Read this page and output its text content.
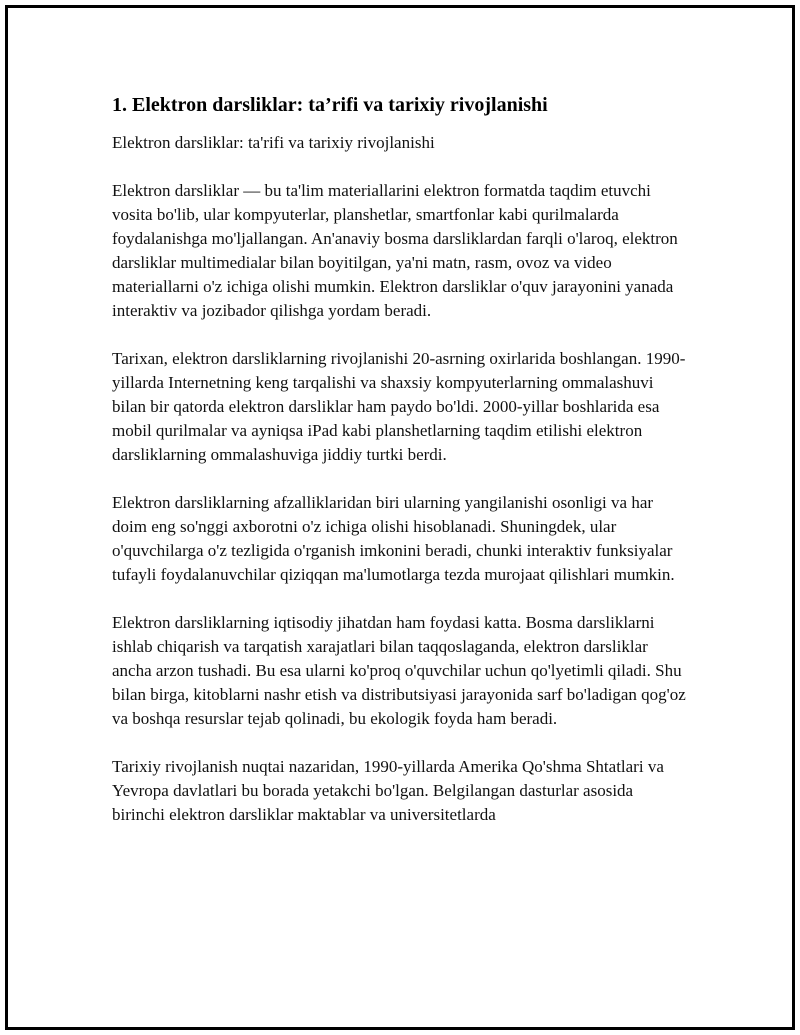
1. Elektron darsliklar: ta’rifi va tarixiy rivojlanishi
Elektron darsliklar: ta'rifi va tarixiy rivojlanishi

Elektron darsliklar — bu ta'lim materiallarini elektron formatda taqdim etuvchi vosita bo'lib, ular kompyuterlar, planshetlar, smartfonlar kabi qurilmalarda foydalanishga mo'ljallangan. An'anaviy bosma darsliklardan farqli o'laroq, elektron darsliklar multimedialar bilan boyitilgan, ya'ni matn, rasm, ovoz va video materiallarni o'z ichiga olishi mumkin. Elektron darsliklar o'quv jarayonini yanada interaktiv va jozibador qilishga yordam beradi.

Tarixan, elektron darsliklarning rivojlanishi 20-asrning oxirlarida boshlangan. 1990-yillarda Internetning keng tarqalishi va shaxsiy kompyuterlarning ommalashuvi bilan bir qatorda elektron darsliklar ham paydo bo'ldi. 2000-yillar boshlarida esa mobil qurilmalar va ayniqsa iPad kabi planshetlarning taqdim etilishi elektron darsliklarning ommalashuviga jiddiy turtki berdi.

Elektron darsliklarning afzalliklaridan biri ularning yangilanishi osonligi va har doim eng so'nggi axborotni o'z ichiga olishi hisoblanadi. Shuningdek, ular o'quvchilarga o'z tezligida o'rganish imkonini beradi, chunki interaktiv funksiyalar tufayli foydalanuvchilar qiziqqan ma'lumotlarga tezda murojaat qilishlari mumkin.

Elektron darsliklarning iqtisodiy jihatdan ham foydasi katta. Bosma darsliklarni ishlab chiqarish va tarqatish xarajatlari bilan taqqoslaganda, elektron darsliklar ancha arzon tushadi. Bu esa ularni ko'proq o'quvchilar uchun qo'lyetimli qiladi. Shu bilan birga, kitoblarni nashr etish va distributsiyasi jarayonida sarf bo'ladigan qog'oz va boshqa resurslar tejab qolinadi, bu ekologik foyda ham beradi.

Tarixiy rivojlanish nuqtai nazaridan, 1990-yillarda Amerika Qo'shma Shtatlari va Yevropa davlatlari bu borada yetakchi bo'lgan. Belgilangan dasturlar asosida birinchi elektron darsliklar maktablar va universitetlarda
